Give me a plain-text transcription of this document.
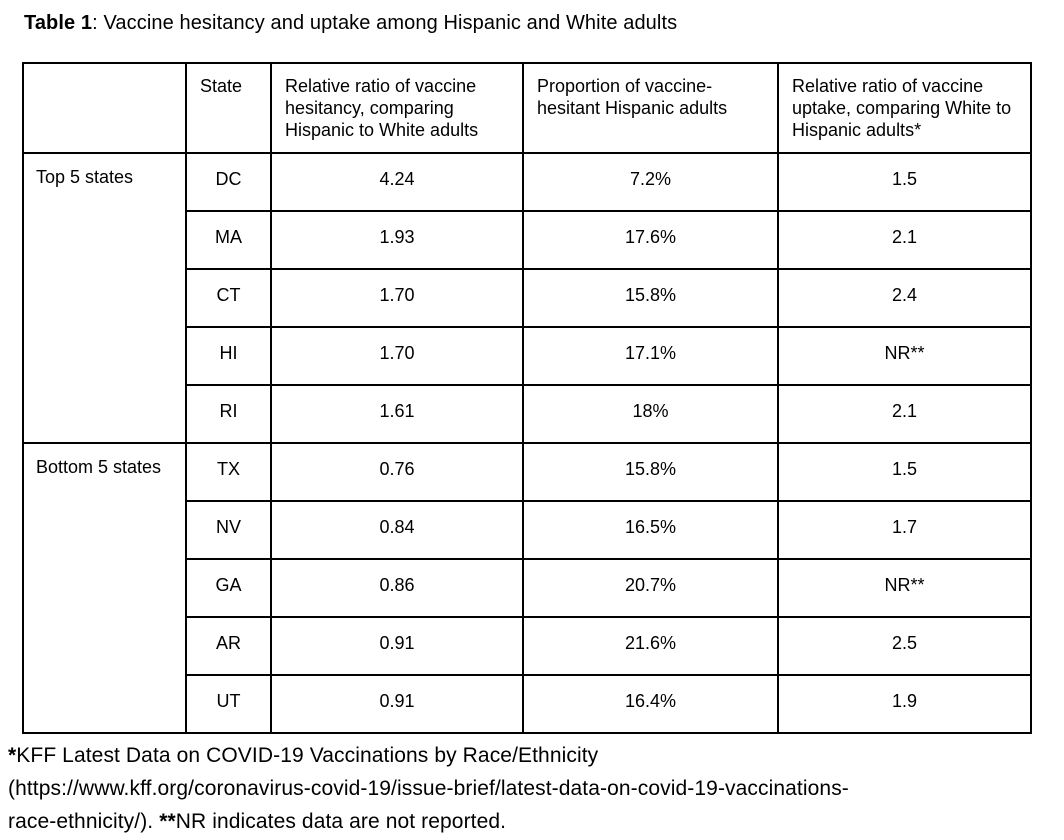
Table 1: Vaccine hesitancy and uptake among Hispanic and White adults
	State	Relative ratio of vaccine hesitancy, comparing Hispanic to White adults	Proportion of vaccine-hesitant Hispanic adults	Relative ratio of vaccine uptake, comparing White to Hispanic adults*
Top 5 states	DC	4.24	7.2%	1.5
	MA	1.93	17.6%	2.1
	CT	1.70	15.8%	2.4
	HI	1.70	17.1%	NR**
	RI	1.61	18%	2.1
Bottom 5 states	TX	0.76	15.8%	1.5
	NV	0.84	16.5%	1.7
	GA	0.86	20.7%	NR**
	AR	0.91	21.6%	2.5
	UT	0.91	16.4%	1.9
*KFF Latest Data on COVID-19 Vaccinations by Race/Ethnicity
(https://www.kff.org/coronavirus-covid-19/issue-brief/latest-data-on-covid-19-vaccinations-
race-ethnicity/). **NR indicates data are not reported.
